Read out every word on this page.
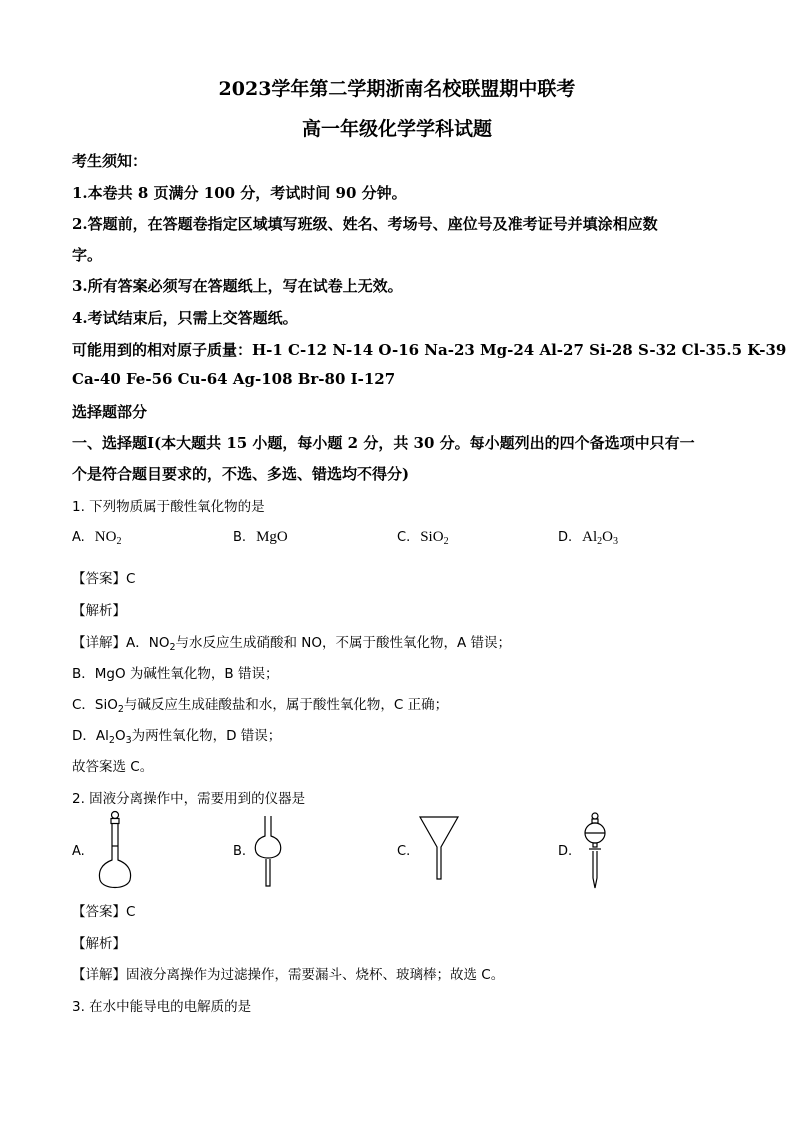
2023学年第二学期浙南名校联盟期中联考
高一年级化学学科试题
考生须知：
1.本卷共 8 页满分 100 分，考试时间 90 分钟。
2.答题前，在答题卷指定区域填写班级、姓名、考场号、座位号及准考证号并填涂相应数
字。
3.所有答案必须写在答题纸上，写在试卷上无效。
4.考试结束后，只需上交答题纸。
可能用到的相对原子质量：H-1 C-12 N-14 O-16 Na-23 Mg-24 Al-27 Si-28 S-32 Cl-35.5 K-39
Ca-40 Fe-56 Cu-64 Ag-108 Br-80 I-127
选择题部分
一、选择题Ⅰ(本大题共 15 小题，每小题 2 分，共 30 分。每小题列出的四个备选项中只有一
个是符合题目要求的，不选、多选、错选均不得分)
1. 下列物质属于酸性氧化物的是
A. $NO_2$	B. MgO	C. SiO$_2$	D. $Al_2O_3$
【答案】C
【解析】
【详解】A．$NO_2$与水反应生成硝酸和 NO，不属于酸性氧化物，A 错误；
B．MgO 为碱性氧化物，B 错误；
C．SiO$_2$与碱反应生成硅酸盐和水，属于酸性氧化物，C 正确；
D．$Al_2O_3$为两性氧化物，D 错误；
故答案选 C。
2. 固液分离操作中，需要用到的仪器是
A.	B.	C.	D.
【答案】C
【解析】
【详解】固液分离操作为过滤操作，需要漏斗、烧杯、玻璃棒；故选 C。
3. 在水中能导电的电解质的是
